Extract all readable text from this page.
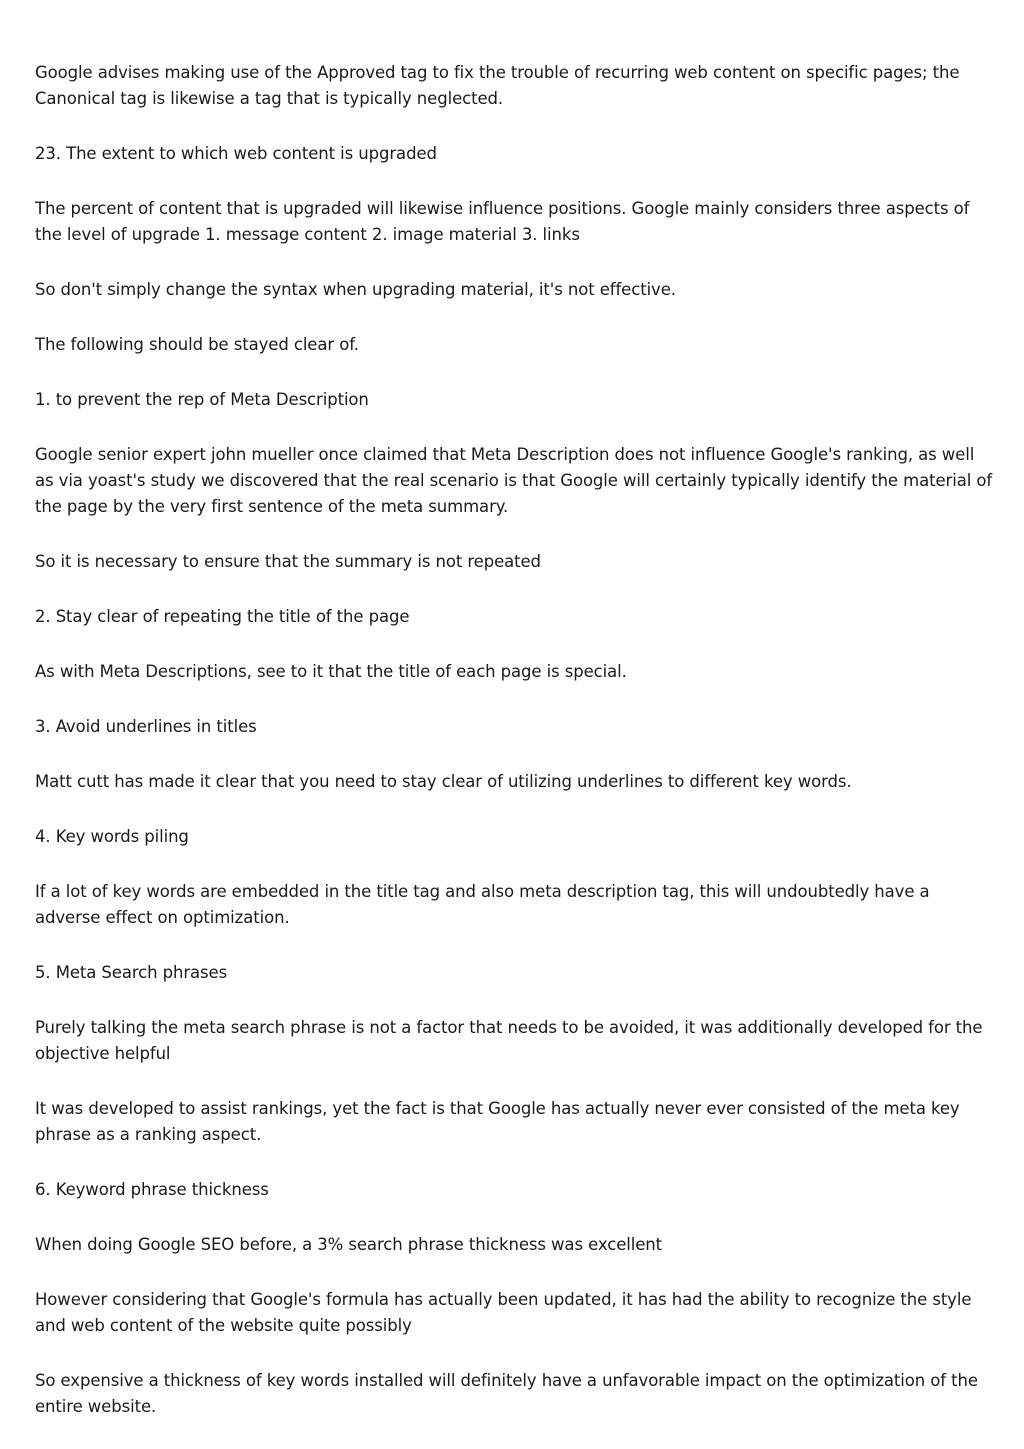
Google advises making use of the Approved tag to fix the trouble of recurring web content on specific pages; the Canonical tag is likewise a tag that is typically neglected.

23. The extent to which web content is upgraded

The percent of content that is upgraded will likewise influence positions. Google mainly considers three aspects of the level of upgrade 1. message content 2. image material 3. links

So don't simply change the syntax when upgrading material, it's not effective.

The following should be stayed clear of.

1. to prevent the rep of Meta Description

Google senior expert john mueller once claimed that Meta Description does not influence Google's ranking, as well as via yoast's study we discovered that the real scenario is that Google will certainly typically identify the material of the page by the very first sentence of the meta summary.

So it is necessary to ensure that the summary is not repeated

2. Stay clear of repeating the title of the page

As with Meta Descriptions, see to it that the title of each page is special.

3. Avoid underlines in titles

Matt cutt has made it clear that you need to stay clear of utilizing underlines to different key words.

4. Key words piling

If a lot of key words are embedded in the title tag and also meta description tag, this will undoubtedly have a adverse effect on optimization.

5. Meta Search phrases

Purely talking the meta search phrase is not a factor that needs to be avoided, it was additionally developed for the objective helpful

It was developed to assist rankings, yet the fact is that Google has actually never ever consisted of the meta key phrase as a ranking aspect.

6. Keyword phrase thickness

When doing Google SEO before, a 3% search phrase thickness was excellent

However considering that Google's formula has actually been updated, it has had the ability to recognize the style and web content of the website quite possibly

So expensive a thickness of key words installed will definitely have a unfavorable impact on the optimization of the entire website.
